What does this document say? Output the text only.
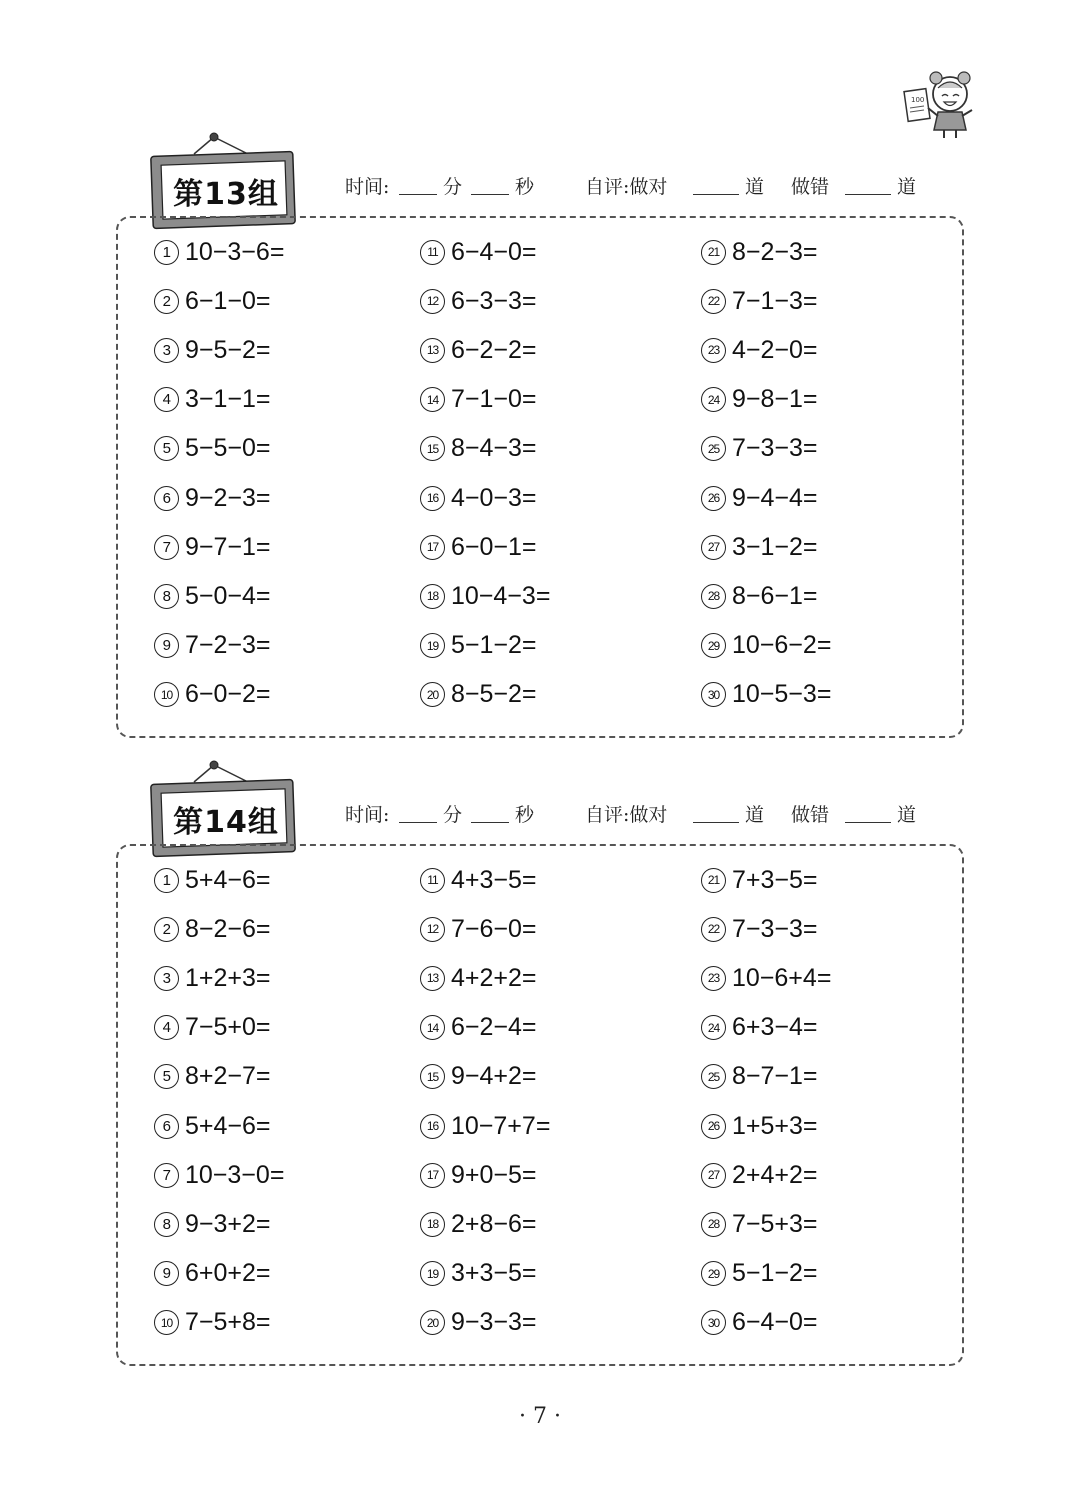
100
第13组	时间:	分	秒	自评:做对	道 做错	道
1 10−3−6=
2 6−1−0=
3 9−5−2=
4 3−1−1=
5 5−5−0=
6 9−2−3=
7 9−7−1=
8 5−0−4=
9 7−2−3=
10 6−0−2=
11 6−4−0=
12 6−3−3=
13 6−2−2=
14 7−1−0=
15 8−4−3=
16 4−0−3=
17 6−0−1=
18 10−4−3=
19 5−1−2=
20 8−5−2=
21 8−2−3=
22 7−1−3=
23 4−2−0=
24 9−8−1=
25 7−3−3=
26 9−4−4=
27 3−1−2=
28 8−6−1=
29 10−6−2=
30 10−5−3=
第14组	时间:	分	秒	自评:做对	道 做错	道
1 5+4−6=
2 8−2−6=
3 1+2+3=
4 7−5+0=
5 8+2−7=
6 5+4−6=
7 10−3−0=
8 9−3+2=
9 6+0+2=
10 7−5+8=
11 4+3−5=
12 7−6−0=
13 4+2+2=
14 6−2−4=
15 9−4+2=
16 10−7+7=
17 9+0−5=
18 2+8−6=
19 3+3−5=
20 9−3−3=
21 7+3−5=
22 7−3−3=
23 10−6+4=
24 6+3−4=
25 8−7−1=
26 1+5+3=
27 2+4+2=
28 7−5+3=
29 5−1−2=
30 6−4−0=
· 7 ·
